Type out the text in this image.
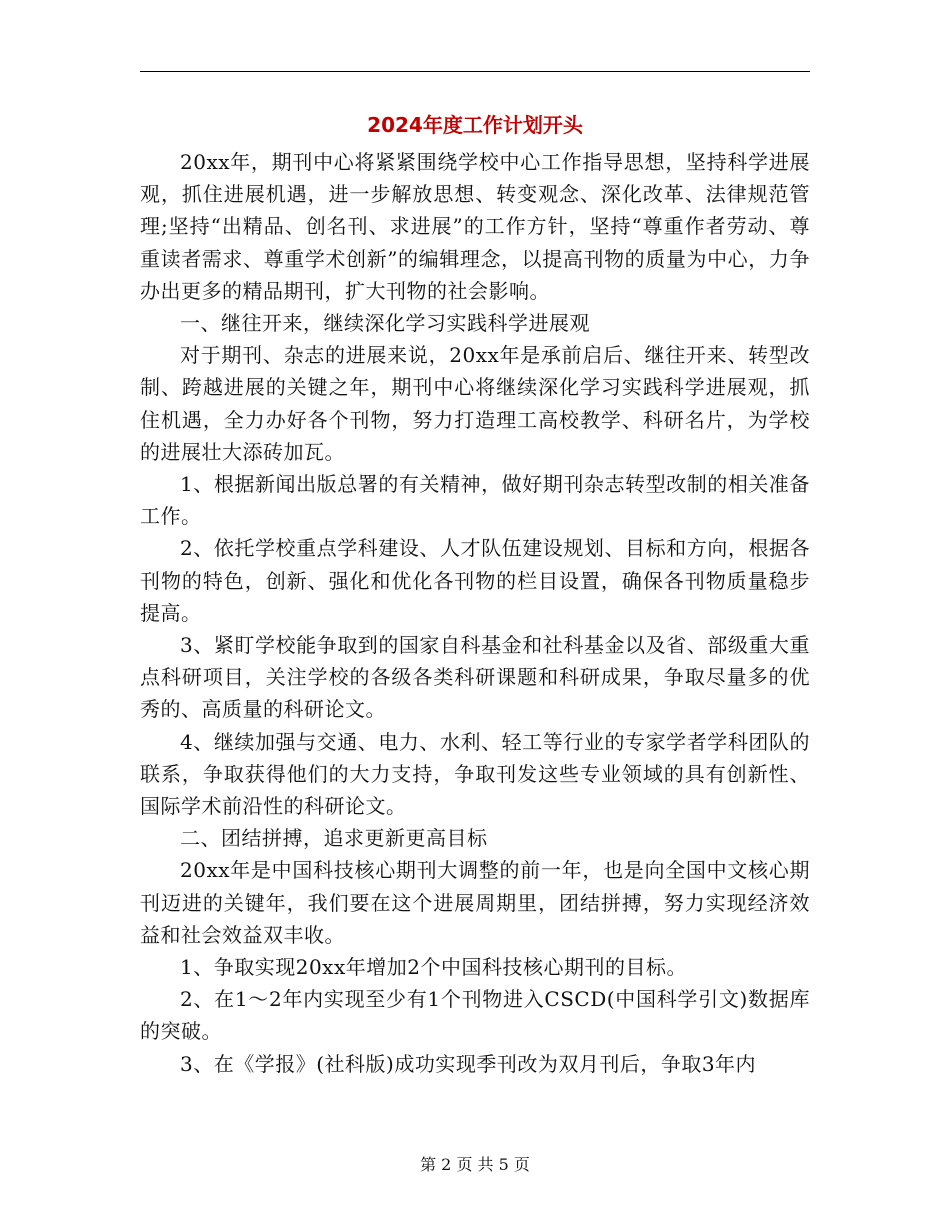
2024年度工作计划开头

20xx年，期刊中心将紧紧围绕学校中心工作指导思想，坚持科学进展观，抓住进展机遇，进一步解放思想、转变观念、深化改革、法律规范管理;坚持“出精品、创名刊、求进展”的工作方针，坚持“尊重作者劳动、尊重读者需求、尊重学术创新”的编辑理念，以提高刊物的质量为中心，力争办出更多的精品期刊，扩大刊物的社会影响。

一、继往开来，继续深化学习实践科学进展观

对于期刊、杂志的进展来说，20xx年是承前启后、继往开来、转型改制、跨越进展的关键之年，期刊中心将继续深化学习实践科学进展观，抓住机遇，全力办好各个刊物，努力打造理工高校教学、科研名片，为学校的进展壮大添砖加瓦。

1、根据新闻出版总署的有关精神，做好期刊杂志转型改制的相关准备工作。

2、依托学校重点学科建设、人才队伍建设规划、目标和方向，根据各刊物的特色，创新、强化和优化各刊物的栏目设置，确保各刊物质量稳步提高。

3、紧盯学校能争取到的国家自科基金和社科基金以及省、部级重大重点科研项目，关注学校的各级各类科研课题和科研成果，争取尽量多的优秀的、高质量的科研论文。

4、继续加强与交通、电力、水利、轻工等行业的专家学者学科团队的联系，争取获得他们的大力支持，争取刊发这些专业领域的具有创新性、国际学术前沿性的科研论文。

二、团结拼搏，追求更新更高目标

20xx年是中国科技核心期刊大调整的前一年，也是向全国中文核心期刊迈进的关键年，我们要在这个进展周期里，团结拼搏，努力实现经济效益和社会效益双丰收。

1、争取实现20xx年增加2个中国科技核心期刊的目标。

2、在1～2年内实现至少有1个刊物进入CSCD(中国科学引文)数据库的突破。

3、在《学报》(社科版)成功实现季刊改为双月刊后，争取3年内

第 2 页 共 5 页
